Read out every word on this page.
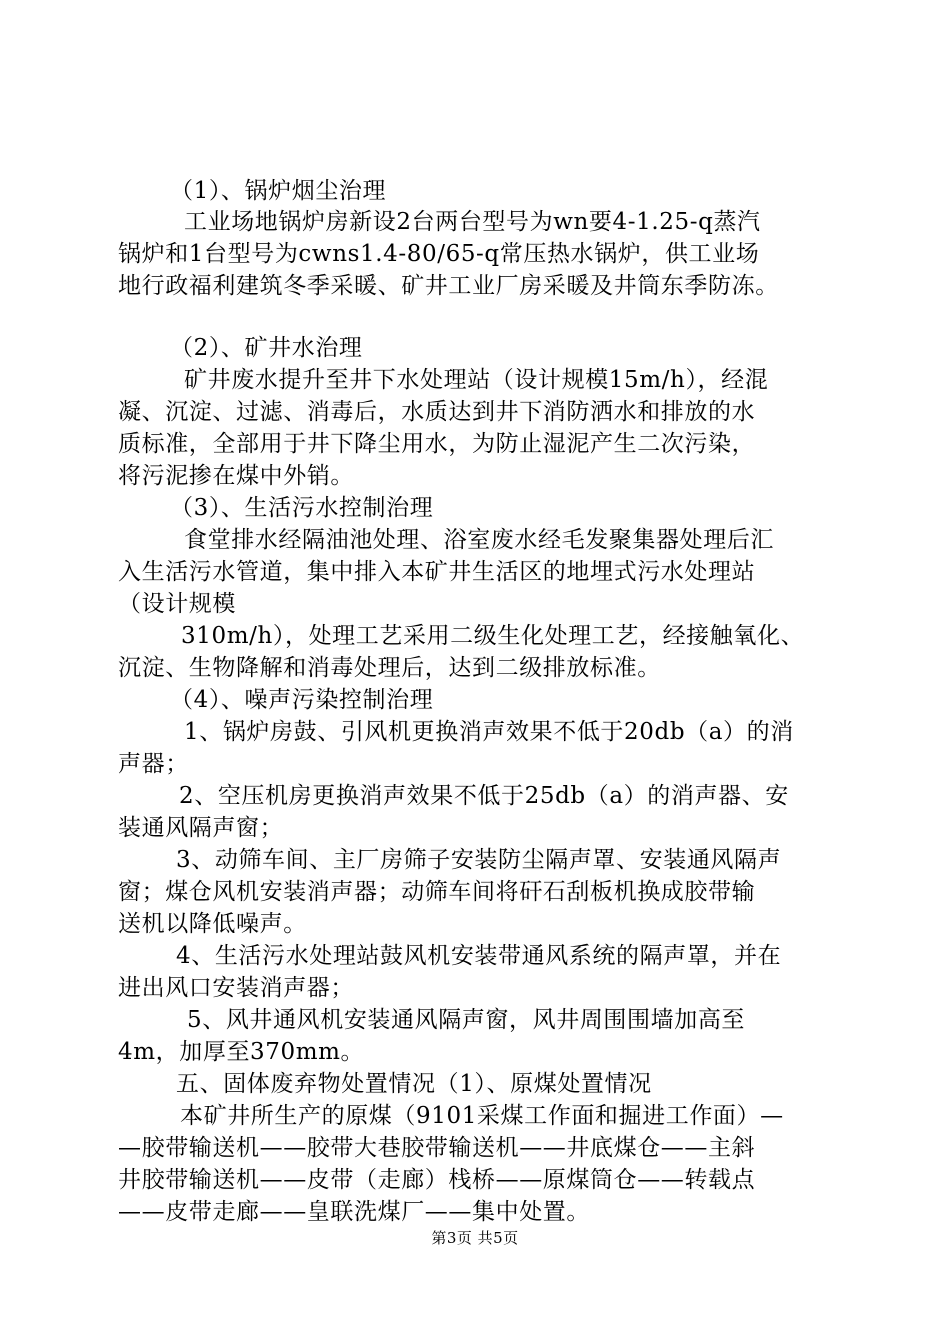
（1）、锅炉烟尘治理
工业场地锅炉房新设2台两台型号为wn要4-1.25-q蒸汽
锅炉和1台型号为cwns1.4-80/65-q常压热水锅炉，供工业场
地行政福利建筑冬季采暖、矿井工业厂房采暖及井筒东季防冻。
（2）、矿井水治理
矿井废水提升至井下水处理站（设计规模15m/h），经混
凝、沉淀、过滤、消毒后，水质达到井下消防洒水和排放的水
质标准，全部用于井下降尘用水，为防止湿泥产生二次污染，
将污泥掺在煤中外销。
（3）、生活污水控制治理
食堂排水经隔油池处理、浴室废水经毛发聚集器处理后汇
入生活污水管道，集中排入本矿井生活区的地埋式污水处理站
（设计规模
310m/h），处理工艺采用二级生化处理工艺，经接触氧化、
沉淀、生物降解和消毒处理后，达到二级排放标准。
（4）、噪声污染控制治理
1、锅炉房鼓、引风机更换消声效果不低于20db（a）的消
声器；
2、空压机房更换消声效果不低于25db（a）的消声器、安
装通风隔声窗；
3、动筛车间、主厂房筛子安装防尘隔声罩、安装通风隔声
窗；煤仓风机安装消声器；动筛车间将矸石刮板机换成胶带输
送机以降低噪声。
4、生活污水处理站鼓风机安装带通风系统的隔声罩，并在
进出风口安装消声器；
5、风井通风机安装通风隔声窗，风井周围围墙加高至
4m，加厚至370mm。
五、固体废弃物处置情况（1）、原煤处置情况
本矿井所生产的原煤（9101采煤工作面和掘进工作面）—
—胶带输送机——胶带大巷胶带输送机——井底煤仓——主斜
井胶带输送机——皮带（走廊）栈桥——原煤筒仓——转载点
——皮带走廊——皇联洗煤厂——集中处置。
第3页 共5页
